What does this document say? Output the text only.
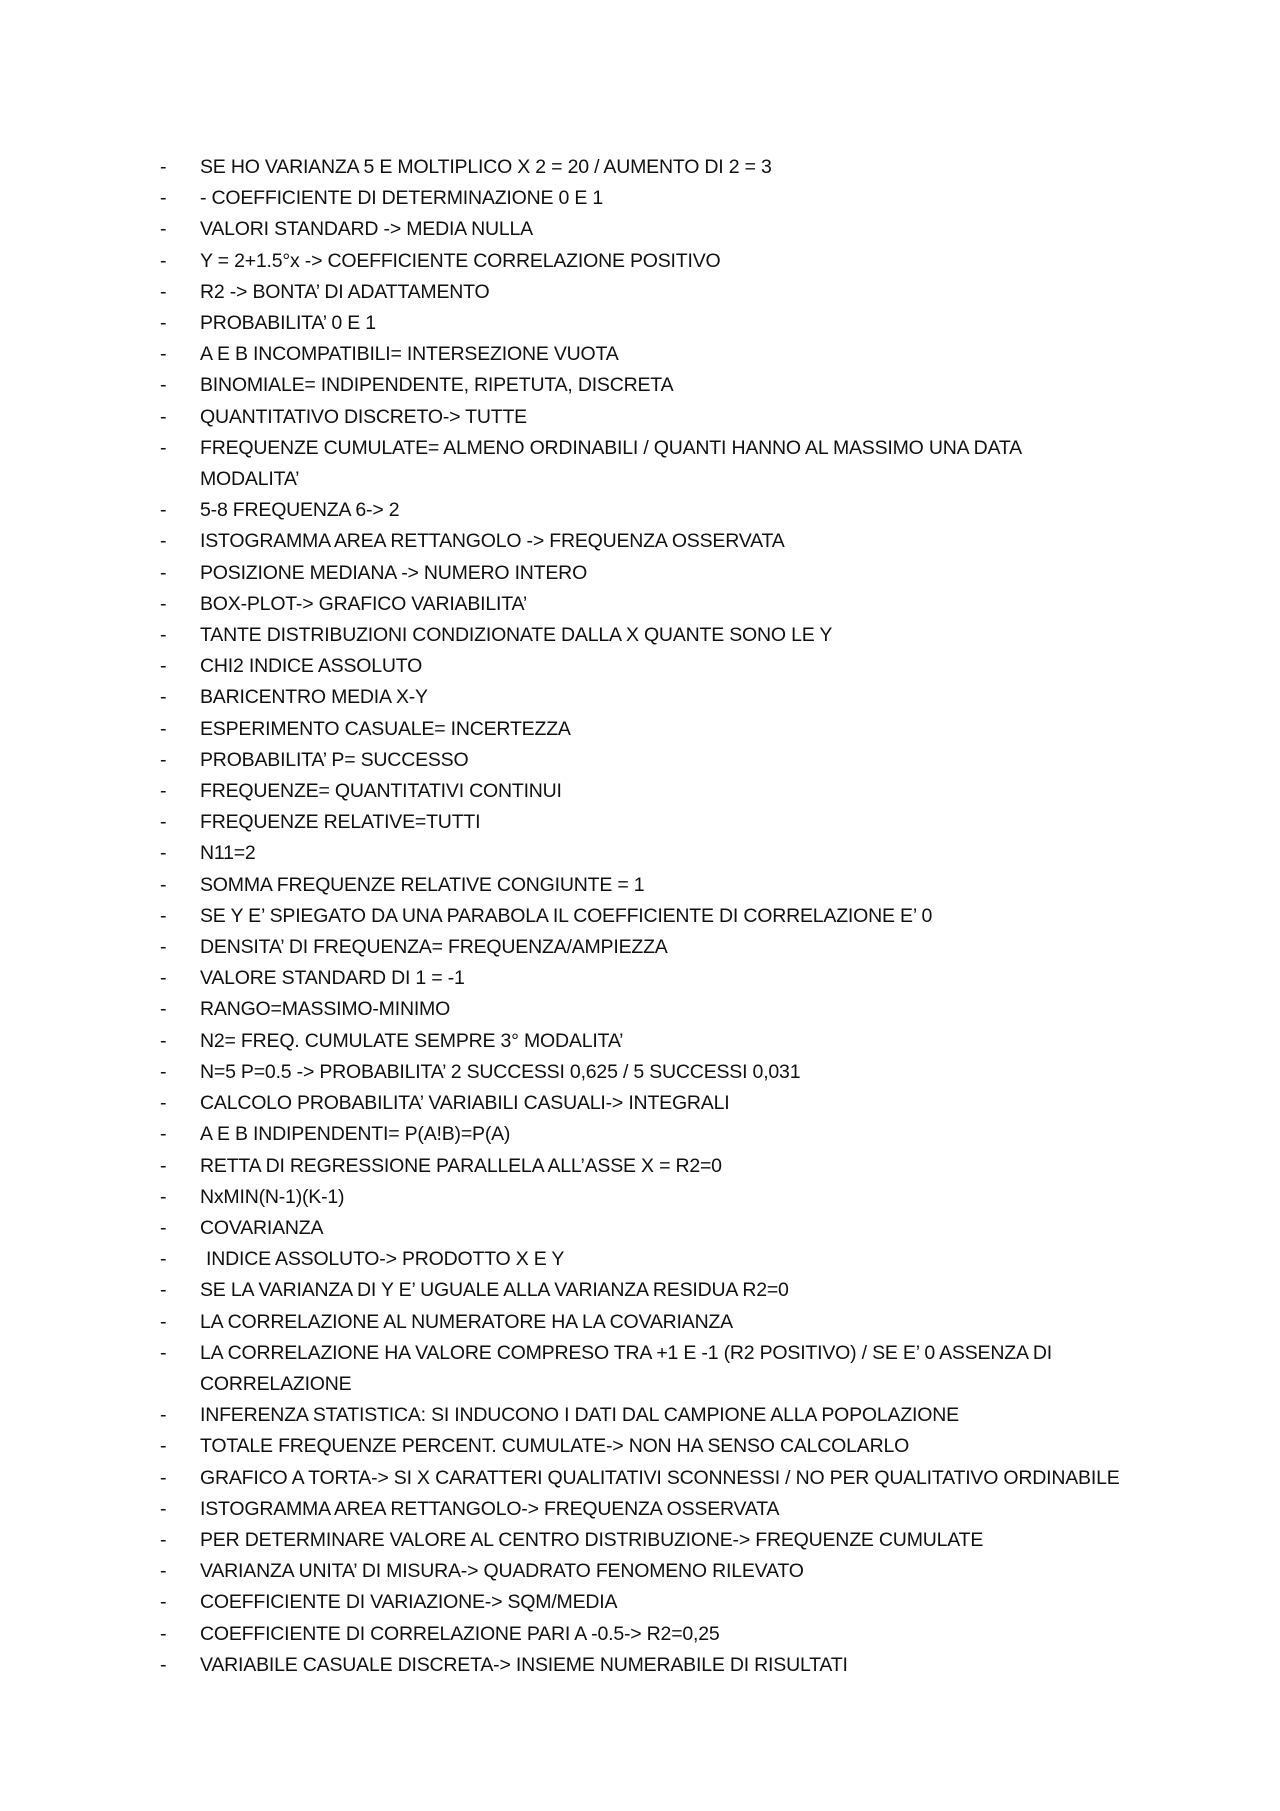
-	SE HO VARIANZA 5 E MOLTIPLICO X 2 = 20 / AUMENTO DI 2 = 3
-	- COEFFICIENTE DI DETERMINAZIONE 0 E 1
-	VALORI STANDARD -> MEDIA NULLA
-	Y = 2+1.5°x -> COEFFICIENTE CORRELAZIONE POSITIVO
-	R2 -> BONTA’ DI ADATTAMENTO
-	PROBABILITA’ 0 E 1
-	A E B INCOMPATIBILI= INTERSEZIONE VUOTA
-	BINOMIALE= INDIPENDENTE, RIPETUTA, DISCRETA
-	QUANTITATIVO DISCRETO-> TUTTE
-	FREQUENZE CUMULATE= ALMENO ORDINABILI / QUANTI HANNO AL MASSIMO UNA DATA MODALITA’
-	5-8 FREQUENZA 6-> 2
-	ISTOGRAMMA AREA RETTANGOLO -> FREQUENZA OSSERVATA
-	POSIZIONE MEDIANA -> NUMERO INTERO
-	BOX-PLOT-> GRAFICO VARIABILITA’
-	TANTE DISTRIBUZIONI CONDIZIONATE DALLA X QUANTE SONO LE Y
-	CHI2 INDICE ASSOLUTO
-	BARICENTRO MEDIA X-Y
-	ESPERIMENTO CASUALE= INCERTEZZA
-	PROBABILITA’ P= SUCCESSO
-	FREQUENZE= QUANTITATIVI CONTINUI
-	FREQUENZE RELATIVE=TUTTI
-	N11=2
-	SOMMA FREQUENZE RELATIVE CONGIUNTE = 1
-	SE Y E’ SPIEGATO DA UNA PARABOLA IL COEFFICIENTE DI CORRELAZIONE E’ 0
-	DENSITA’ DI FREQUENZA= FREQUENZA/AMPIEZZA
-	VALORE STANDARD DI 1 = -1
-	RANGO=MASSIMO-MINIMO
-	N2= FREQ. CUMULATE SEMPRE 3° MODALITA’
-	N=5 P=0.5 -> PROBABILITA’ 2 SUCCESSI 0,625 / 5 SUCCESSI 0,031
-	CALCOLO PROBABILITA’ VARIABILI CASUALI-> INTEGRALI
-	A E B INDIPENDENTI= P(A!B)=P(A)
-	RETTA DI REGRESSIONE PARALLELA ALL’ASSE X = R2=0
-	NxMIN(N-1)(K-1)
-	COVARIANZA
-	INDICE ASSOLUTO-> PRODOTTO X E Y
-	SE LA VARIANZA DI Y E’ UGUALE ALLA VARIANZA RESIDUA R2=0
-	LA CORRELAZIONE AL NUMERATORE HA LA COVARIANZA
-	LA CORRELAZIONE HA VALORE COMPRESO TRA +1 E -1 (R2 POSITIVO) / SE E’ 0 ASSENZA DI CORRELAZIONE
-	INFERENZA STATISTICA: SI INDUCONO I DATI DAL CAMPIONE ALLA POPOLAZIONE
-	TOTALE FREQUENZE PERCENT. CUMULATE-> NON HA SENSO CALCOLARLO
-	GRAFICO A TORTA-> SI X CARATTERI QUALITATIVI SCONNESSI / NO PER QUALITATIVO ORDINABILE
-	ISTOGRAMMA AREA RETTANGOLO-> FREQUENZA OSSERVATA
-	PER DETERMINARE VALORE AL CENTRO DISTRIBUZIONE-> FREQUENZE CUMULATE
-	VARIANZA UNITA’ DI MISURA-> QUADRATO FENOMENO RILEVATO
-	COEFFICIENTE DI VARIAZIONE-> SQM/MEDIA
-	COEFFICIENTE DI CORRELAZIONE PARI A -0.5-> R2=0,25
-	VARIABILE CASUALE DISCRETA-> INSIEME NUMERABILE DI RISULTATI
